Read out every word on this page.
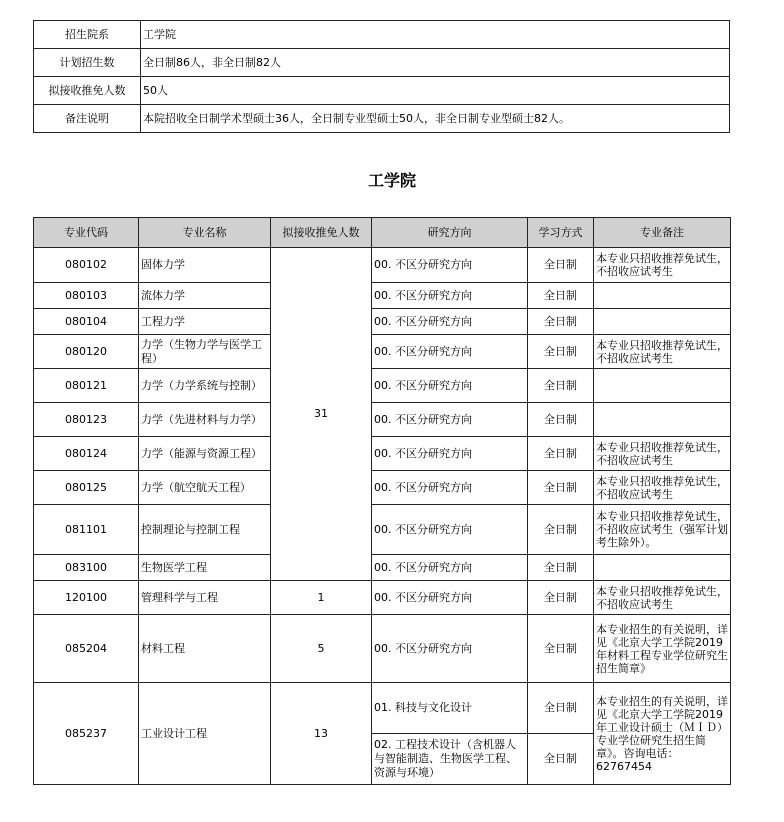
招生院系	工学院
计划招生数	全日制86人，非全日制82人
拟接收推免人数	50人
备注说明	本院招收全日制学术型硕士36人，全日制专业型硕士50人，非全日制专业型硕士82人。
工学院
专业代码	专业名称	拟接收推免人数	研究方向	学习方式	专业备注
080102	固体力学	31	00. 不区分研究方向	全日制	本专业只招收推荐免试生，不招收应试考生
080103	流体力学		00. 不区分研究方向	全日制	
080104	工程力学		00. 不区分研究方向	全日制	
080120	力学（生物力学与医学工程）		00. 不区分研究方向	全日制	本专业只招收推荐免试生，不招收应试考生
080121	力学（力学系统与控制）		00. 不区分研究方向	全日制	
080123	力学（先进材料与力学）		00. 不区分研究方向	全日制	
080124	力学（能源与资源工程）		00. 不区分研究方向	全日制	本专业只招收推荐免试生，不招收应试考生
080125	力学（航空航天工程）		00. 不区分研究方向	全日制	本专业只招收推荐免试生，不招收应试考生
081101	控制理论与控制工程		00. 不区分研究方向	全日制	本专业只招收推荐免试生，不招收应试考生（强军计划考生除外）。
083100	生物医学工程		00. 不区分研究方向	全日制	
120100	管理科学与工程	1	00. 不区分研究方向	全日制	本专业只招收推荐免试生，不招收应试考生
085204	材料工程	5	00. 不区分研究方向	全日制	本专业招生的有关说明，详见《北京大学工学院2019年材料工程专业学位研究生招生简章》
085237	工业设计工程	13	01. 科技与文化设计	全日制	本专业招生的有关说明，详见《北京大学工学院2019年工业设计硕士（ＭＩＤ）专业学位研究生招生简章》。咨询电话：62767454
			02. 工程技术设计（含机器人与智能制造、生物医学工程、资源与环境）	全日制	
